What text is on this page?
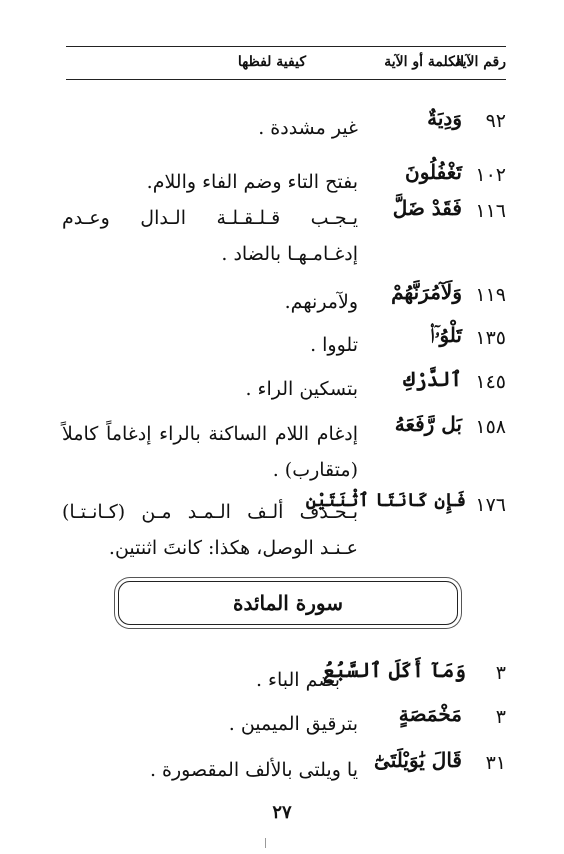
رقم الآية
الكلمة أو الآية
كيفية لفظها
٩٢
وَدِيَةٌ
غير مشددة .
١٠٢
تَغْفُلُونَ
بفتح التاء وضم الفاء واللام.
١١٦
فَقَدْ ضَلَّ
يـجـب قـلـقـلـة الـدال وعـدم إدغـامـهـا بالضاد .
١١٩
وَلَآمُرَنَّهُمْ
ولآمرنهم.
١٣٥
تَلْوُۥٓا۟
تلووا .
١٤٥
ٱلدَّرْكِ
بتسكين الراء .
١٥٨
بَل رَّفَعَهُ
إدغام اللام الساكنة بالراء إدغاماً كاملاً (متقارب) .
١٧٦
فَإِن كَانَتَا ٱثْنَتَيْنِ
بـحـذف ألـف الـمـد مـن (كـانـتـا) عـنـد الوصل، هكذا: كانتَ اثنتين.
سورة المائدة
٣
وَمَآ أَكَلَ ٱلسَّبُعُ
بضم الباء .
٣
مَخْمَصَةٍ
بترقيق الميمين .
٣١
قَالَ يَٰوَيْلَتَىٰٓ
يا ويلتى بالألف المقصورة .
٢٧
